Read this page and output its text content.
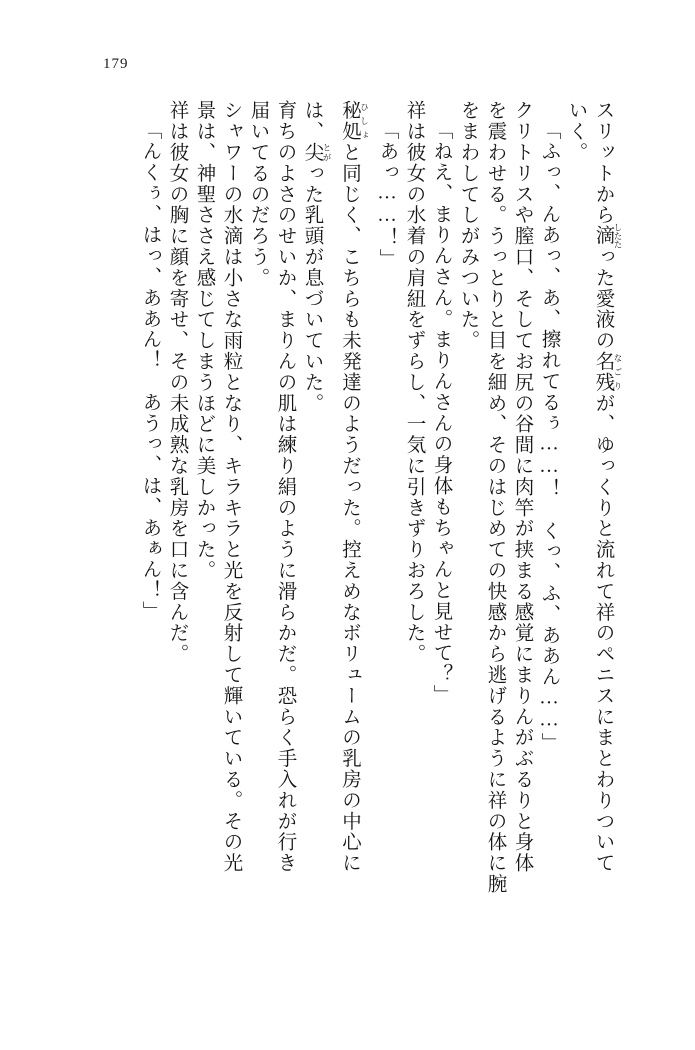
179
スリットから滴 したたった愛液の名残 なごりが、ゆっくりと流れて祥のペニスにまとわりついて
いく。
「ふっ、んあっ、あ、擦れてるぅ……！　くっ、ふ、ああん……」
クリトリスや膣口、そしてお尻の谷間に肉竿が挟まる感覚にまりんがぶるりと身体
を震わせる。うっとりと目を細め、そのはじめての快感から逃げるように祥の体に腕
をまわしてしがみついた。
「ねえ、まりんさん。まりんさんの身体もちゃんと見せて？」
祥は彼女の水着の肩紐をずらし、一気に引きずりおろした。
「あっ……！」
秘処 ひしょと同じく、こちらも未発達のようだった。控えめなボリュームの乳房の中心に
は、尖 とがった乳頭が息づいていた。
育ちのよさのせいか、まりんの肌は練り絹のように滑らかだ。恐らく手入れが行き
届いてるのだろう。
シャワーの水滴は小さな雨粒となり、キラキラと光を反射して輝いている。その光
景は、神聖ささえ感じてしまうほどに美しかった。
祥は彼女の胸に顔を寄せ、その未成熟な乳房を口に含んだ。
「んくぅ、はっ、ああん！　あうっ、は、あぁん！」
